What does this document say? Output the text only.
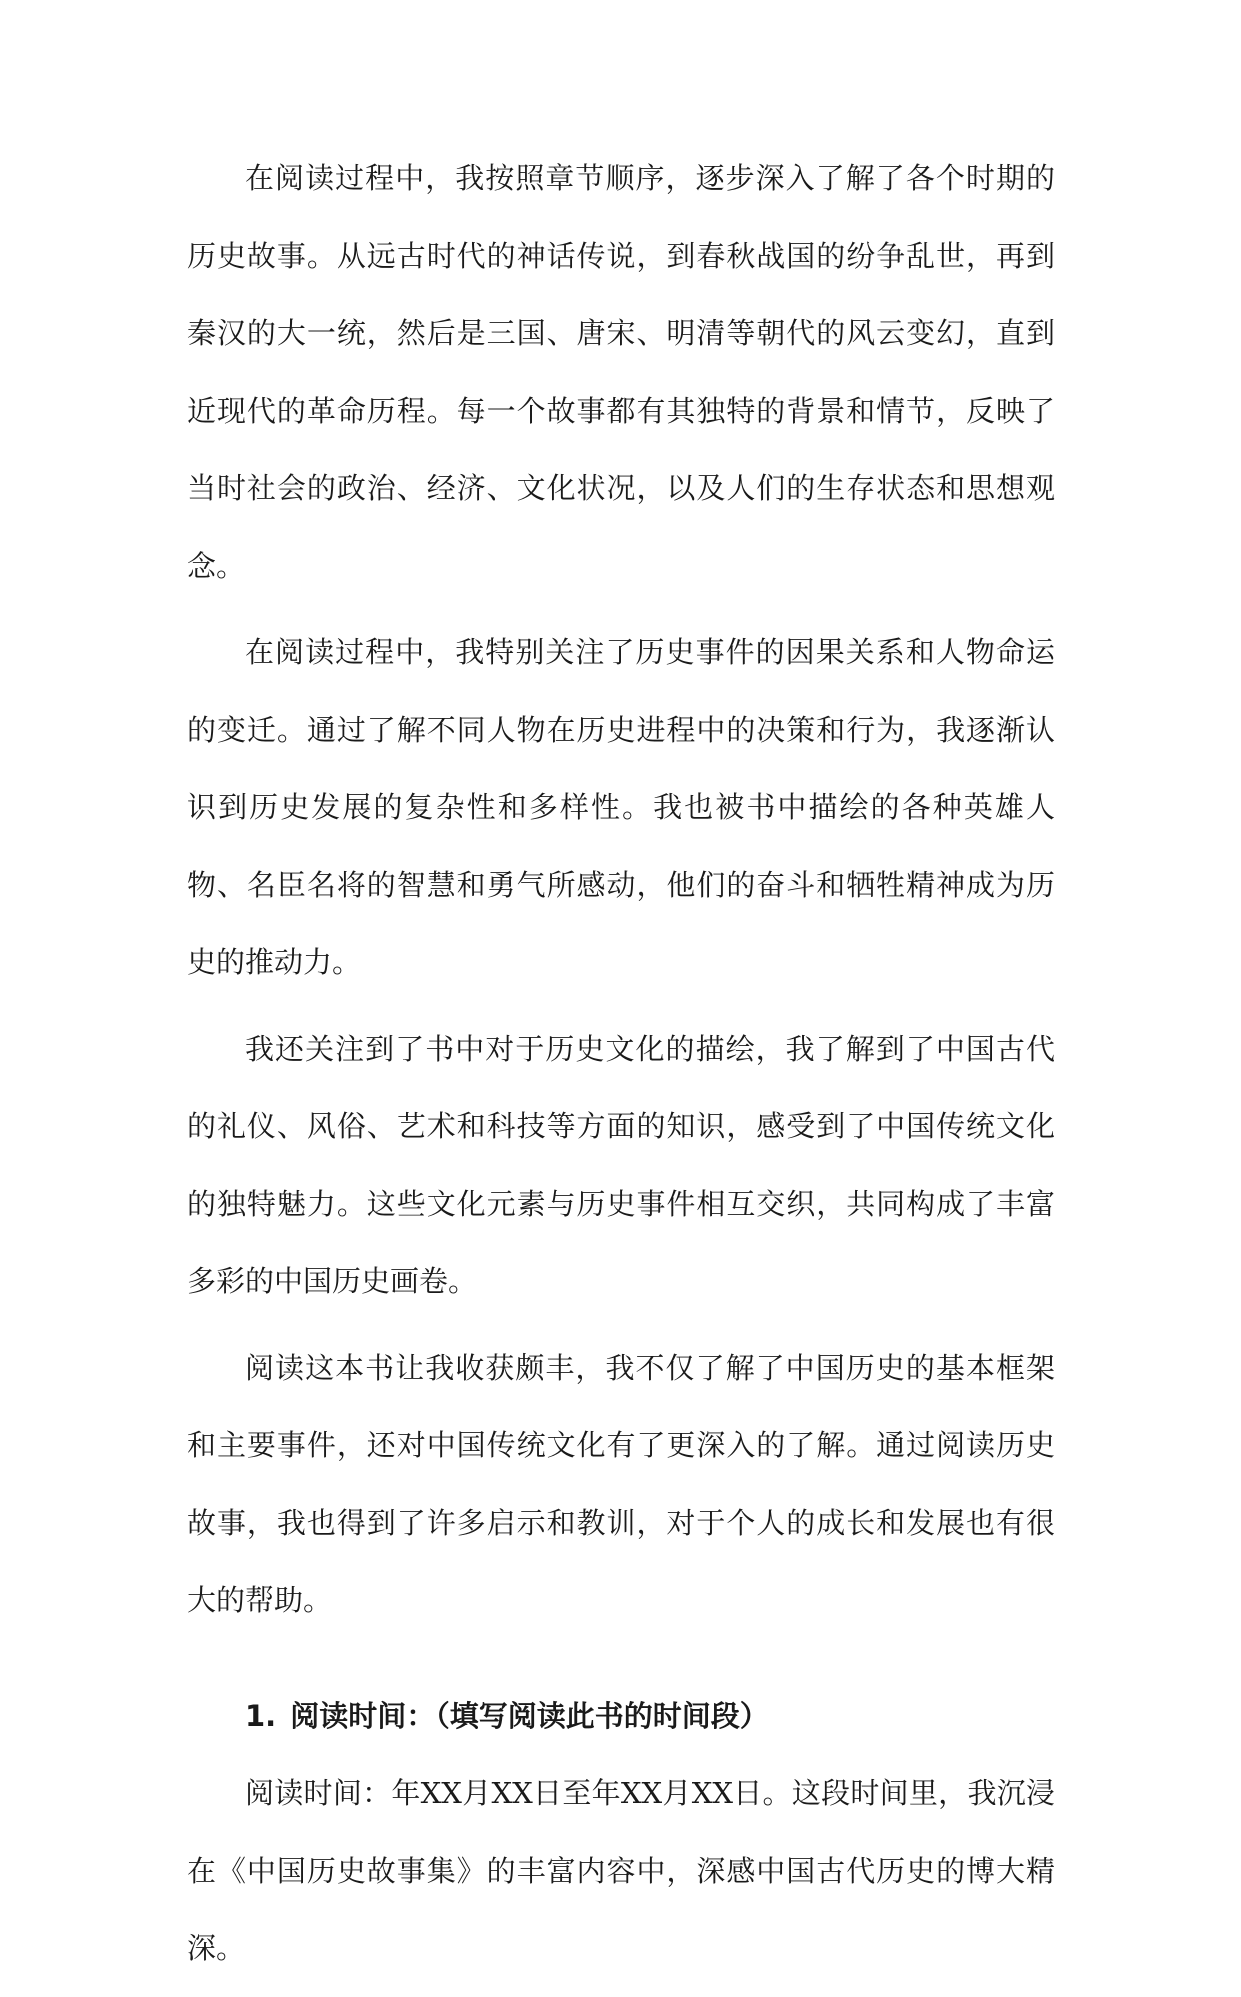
在阅读过程中，我按照章节顺序，逐步深入了解了各个时期的历史故事。从远古时代的神话传说，到春秋战国的纷争乱世，再到秦汉的大一统，然后是三国、唐宋、明清等朝代的风云变幻，直到近现代的革命历程。每一个故事都有其独特的背景和情节，反映了当时社会的政治、经济、文化状况，以及人们的生存状态和思想观念。

在阅读过程中，我特别关注了历史事件的因果关系和人物命运的变迁。通过了解不同人物在历史进程中的决策和行为，我逐渐认识到历史发展的复杂性和多样性。我也被书中描绘的各种英雄人物、名臣名将的智慧和勇气所感动，他们的奋斗和牺牲精神成为历史的推动力。

我还关注到了书中对于历史文化的描绘，我了解到了中国古代的礼仪、风俗、艺术和科技等方面的知识，感受到了中国传统文化的独特魅力。这些文化元素与历史事件相互交织，共同构成了丰富多彩的中国历史画卷。

阅读这本书让我收获颇丰，我不仅了解了中国历史的基本框架和主要事件，还对中国传统文化有了更深入的了解。通过阅读历史故事，我也得到了许多启示和教训，对于个人的成长和发展也有很大的帮助。

1. 阅读时间：（填写阅读此书的时间段）

阅读时间：年XX月XX日至年XX月XX日。这段时间里，我沉浸在《中国历史故事集》的丰富内容中，深感中国古代历史的博大精深。
